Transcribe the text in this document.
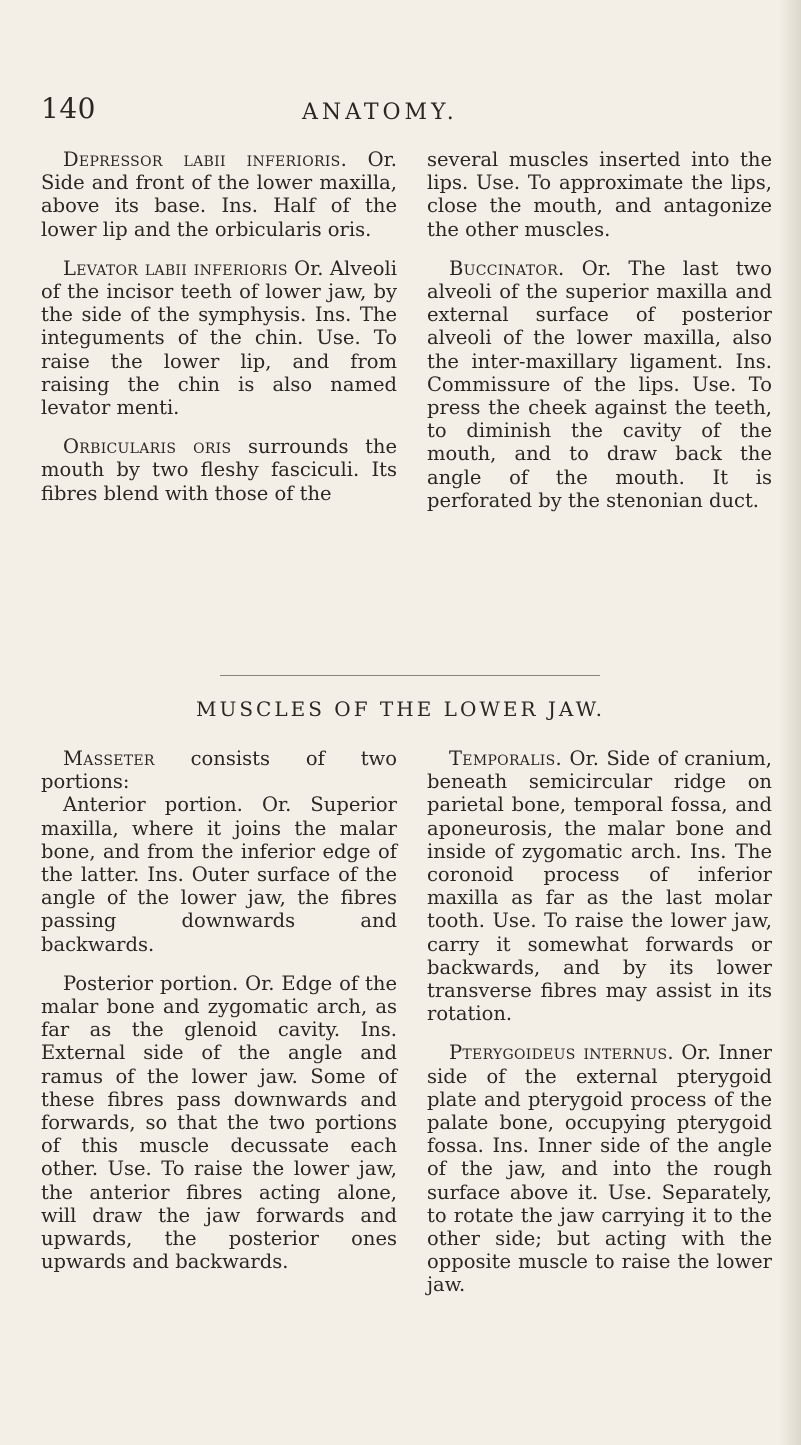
140	ANATOMY.

Depressor labii inferioris. Or. Side and front of the lower maxilla, above its base. Ins. Half of the lower lip and the orbicularis oris.

Levator labii inferioris Or. Alveoli of the incisor teeth of lower jaw, by the side of the symphysis. Ins. The integuments of the chin. Use. To raise the lower lip, and from raising the chin is also named levator menti.

Orbicularis oris surrounds the mouth by two fleshy fasciculi. Its fibres blend with those of the

several muscles inserted into the lips. Use. To approximate the lips, close the mouth, and antagonize the other muscles.

Buccinator. Or. The last two alveoli of the superior maxilla and external surface of posterior alveoli of the lower maxilla, also the inter-maxillary ligament. Ins. Commissure of the lips. Use. To press the cheek against the teeth, to diminish the cavity of the mouth, and to draw back the angle of the mouth. It is perforated by the stenonian duct.

MUSCLES OF THE LOWER JAW.

Masseter consists of two portions:

Anterior portion. Or. Superior maxilla, where it joins the malar bone, and from the inferior edge of the latter. Ins. Outer surface of the angle of the lower jaw, the fibres passing downwards and backwards.

Posterior portion. Or. Edge of the malar bone and zygomatic arch, as far as the glenoid cavity. Ins. External side of the angle and ramus of the lower jaw. Some of these fibres pass downwards and forwards, so that the two portions of this muscle decussate each other. Use. To raise the lower jaw, the anterior fibres acting alone, will draw the jaw forwards and upwards, the posterior ones upwards and backwards.

Temporalis. Or. Side of cranium, beneath semicircular ridge on parietal bone, temporal fossa, and aponeurosis, the malar bone and inside of zygomatic arch. Ins. The coronoid process of inferior maxilla as far as the last molar tooth. Use. To raise the lower jaw, carry it somewhat forwards or backwards, and by its lower transverse fibres may assist in its rotation.

Pterygoideus internus. Or. Inner side of the external pterygoid plate and pterygoid process of the palate bone, occupying pterygoid fossa. Ins. Inner side of the angle of the jaw, and into the rough surface above it. Use. Separately, to rotate the jaw carrying it to the other side; but acting with the opposite muscle to raise the lower jaw.
